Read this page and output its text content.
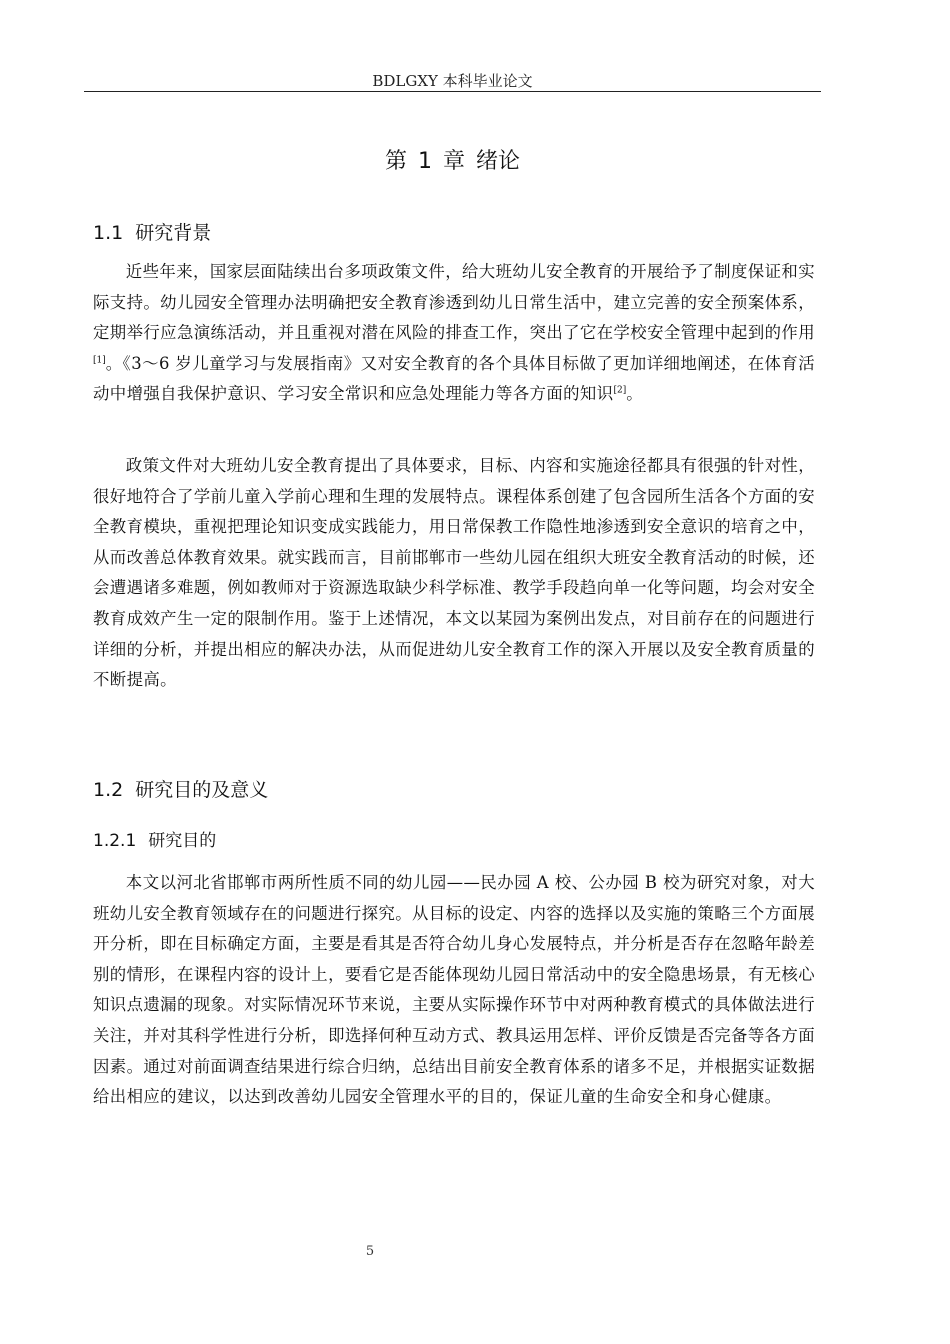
BDLGXY 本科毕业论文
第 1 章 绪论
1.1 研究背景

近些年来，国家层面陆续出台多项政策文件，给大班幼儿安全教育的开展给予了制度保证和实际支持。幼儿园安全管理办法明确把安全教育渗透到幼儿日常生活中，建立完善的安全预案体系，定期举行应急演练活动，并且重视对潜在风险的排查工作，突出了它在学校安全管理中起到的作用[1]。《3～6 岁儿童学习与发展指南》又对安全教育的各个具体目标做了更加详细地阐述，在体育活动中增强自我保护意识、学习安全常识和应急处理能力等各方面的知识[2]。

政策文件对大班幼儿安全教育提出了具体要求，目标、内容和实施途径都具有很强的针对性，很好地符合了学前儿童入学前心理和生理的发展特点。课程体系创建了包含园所生活各个方面的安全教育模块，重视把理论知识变成实践能力，用日常保教工作隐性地渗透到安全意识的培育之中，从而改善总体教育效果。就实践而言，目前邯郸市一些幼儿园在组织大班安全教育活动的时候，还会遭遇诸多难题，例如教师对于资源选取缺少科学标准、教学手段趋向单一化等问题，均会对安全教育成效产生一定的限制作用。鉴于上述情况，本文以某园为案例出发点，对目前存在的问题进行详细的分析，并提出相应的解决办法，从而促进幼儿安全教育工作的深入开展以及安全教育质量的不断提高。

1.2 研究目的及意义
1.2.1 研究目的

本文以河北省邯郸市两所性质不同的幼儿园——民办园 A 校、公办园 B 校为研究对象，对大班幼儿安全教育领域存在的问题进行探究。从目标的设定、内容的选择以及实施的策略三个方面展开分析，即在目标确定方面，主要是看其是否符合幼儿身心发展特点，并分析是否存在忽略年龄差别的情形，在课程内容的设计上，要看它是否能体现幼儿园日常活动中的安全隐患场景，有无核心知识点遗漏的现象。对实际情况环节来说，主要从实际操作环节中对两种教育模式的具体做法进行关注，并对其科学性进行分析，即选择何种互动方式、教具运用怎样、评价反馈是否完备等各方面因素。通过对前面调查结果进行综合归纳，总结出目前安全教育体系的诸多不足，并根据实证数据给出相应的建议，以达到改善幼儿园安全管理水平的目的，保证儿童的生命安全和身心健康。

5
